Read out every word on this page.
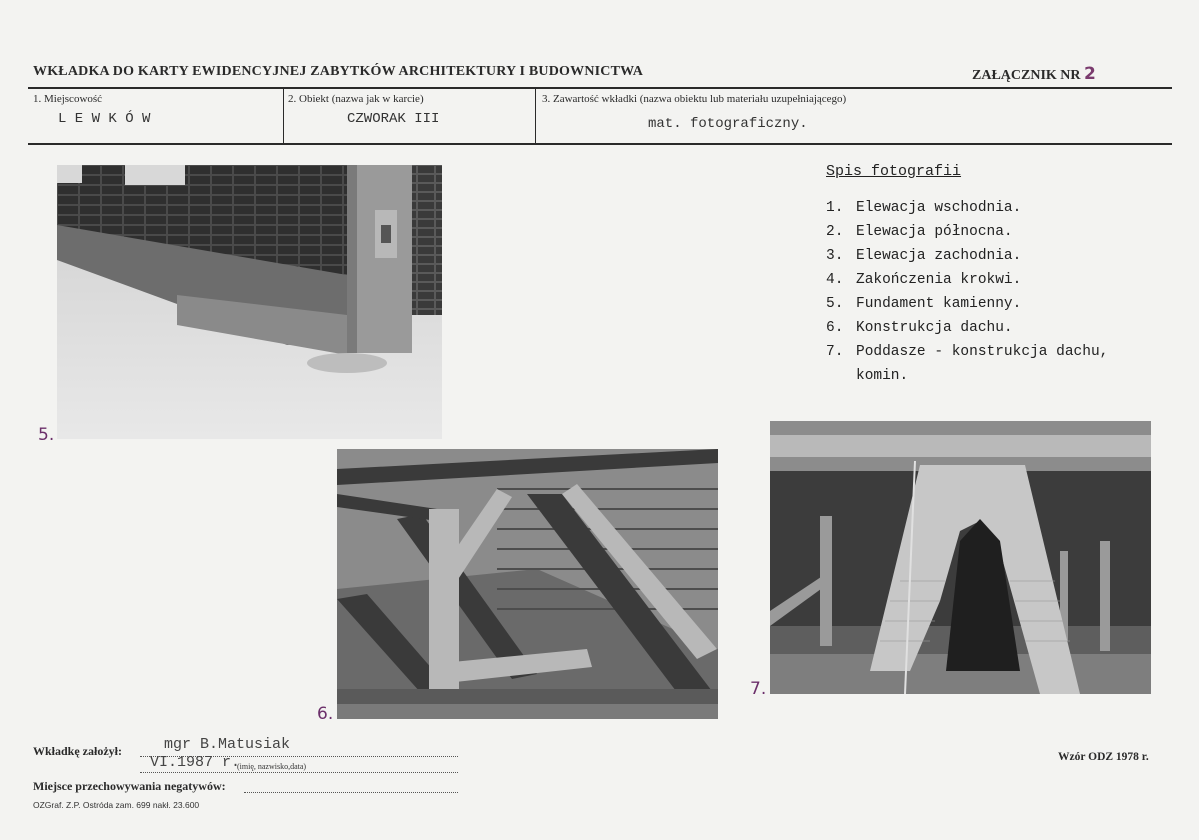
WKŁADKA DO KARTY EWIDENCYJNEJ ZABYTKÓW ARCHITEKTURY I BUDOWNICTWA	ZAŁĄCZNIK NR 2
1. Miejscowość
L E W K Ó W
2. Obiekt (nazwa jak w karcie)
CZWORAK III
3. Zawartość wkładki (nazwa obiektu lub materiału uzupełniającego)
mat. fotograficzny.
5.
6.
7.
Spis fotografii
1. Elewacja wschodnia.
2. Elewacja północna.
3. Elewacja zachodnia.
4. Zakończenia krokwi.
5. Fundament kamienny.
6. Konstrukcja dachu.
7. Poddasze - konstrukcja dachu,
komin.
Wkładkę założył:	mgr B.Matusiak
VI.1987 r.
(imię, nazwisko,data)
Miejsce przechowywania negatywów:
OZGraf. Z.P. Ostróda zam. 699 nakł. 23.600
Wzór ODZ 1978 r.
